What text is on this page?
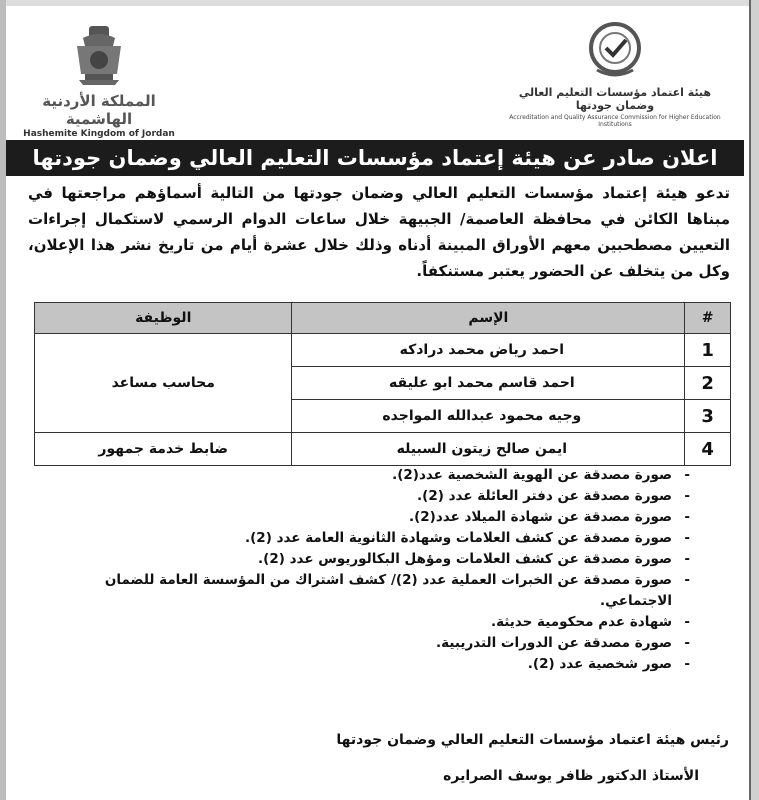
المملكة الأردنية الهاشمية
Hashemite Kingdom of Jordan
هيئة اعتماد مؤسسات التعليم العالي وضمان جودتها
Accreditation and Quality Assurance Commission for Higher Education Institutions
اعلان صادر عن هيئة إعتماد مؤسسات التعليم العالي وضمان جودتها
تدعو هيئة إعتماد مؤسسات التعليم العالي وضمان جودتها من التالية أسماؤهم مراجعتها في مبناها الكائن في محافظة العاصمة/ الجبيهة خلال ساعات الدوام الرسمي لاستكمال إجراءات التعيين مصطحبين معهم الأوراق المبينة أدناه وذلك خلال عشرة أيام من تاريخ نشر هذا الإعلان، وكل من يتخلف عن الحضور يعتبر مستنكفاً.
#	الإسم	الوظيفة
1	احمد رياض محمد درادكه	محاسب مساعد
2	احمد قاسم محمد ابو عليقه	
3	وجيه محمود عبدالله المواجده	
4	ايمن صالح زيتون السبيله	ضابط خدمة جمهور
-
صورة مصدقة عن الهوية الشخصية عدد(2).
-
صورة مصدقة عن دفتر العائلة عدد (2).
-
صورة مصدقة عن شهادة الميلاد عدد(2).
-
صورة مصدقة عن كشف العلامات وشهادة الثانوية العامة عدد (2).
-
صورة مصدقة عن كشف العلامات ومؤهل البكالوريوس عدد (2).
-
صورة مصدقة عن الخبرات العملية عدد (2)/ كشف اشتراك من المؤسسة العامة للضمان الاجتماعي.
-
شهادة عدم محكومية حديثة.
-
صورة مصدقة عن الدورات التدريبية.
-
صور شخصية عدد (2).
رئيس هيئة اعتماد مؤسسات التعليم العالي وضمان جودتها
الأستاذ الدكتور ظافر يوسف الصرايره
